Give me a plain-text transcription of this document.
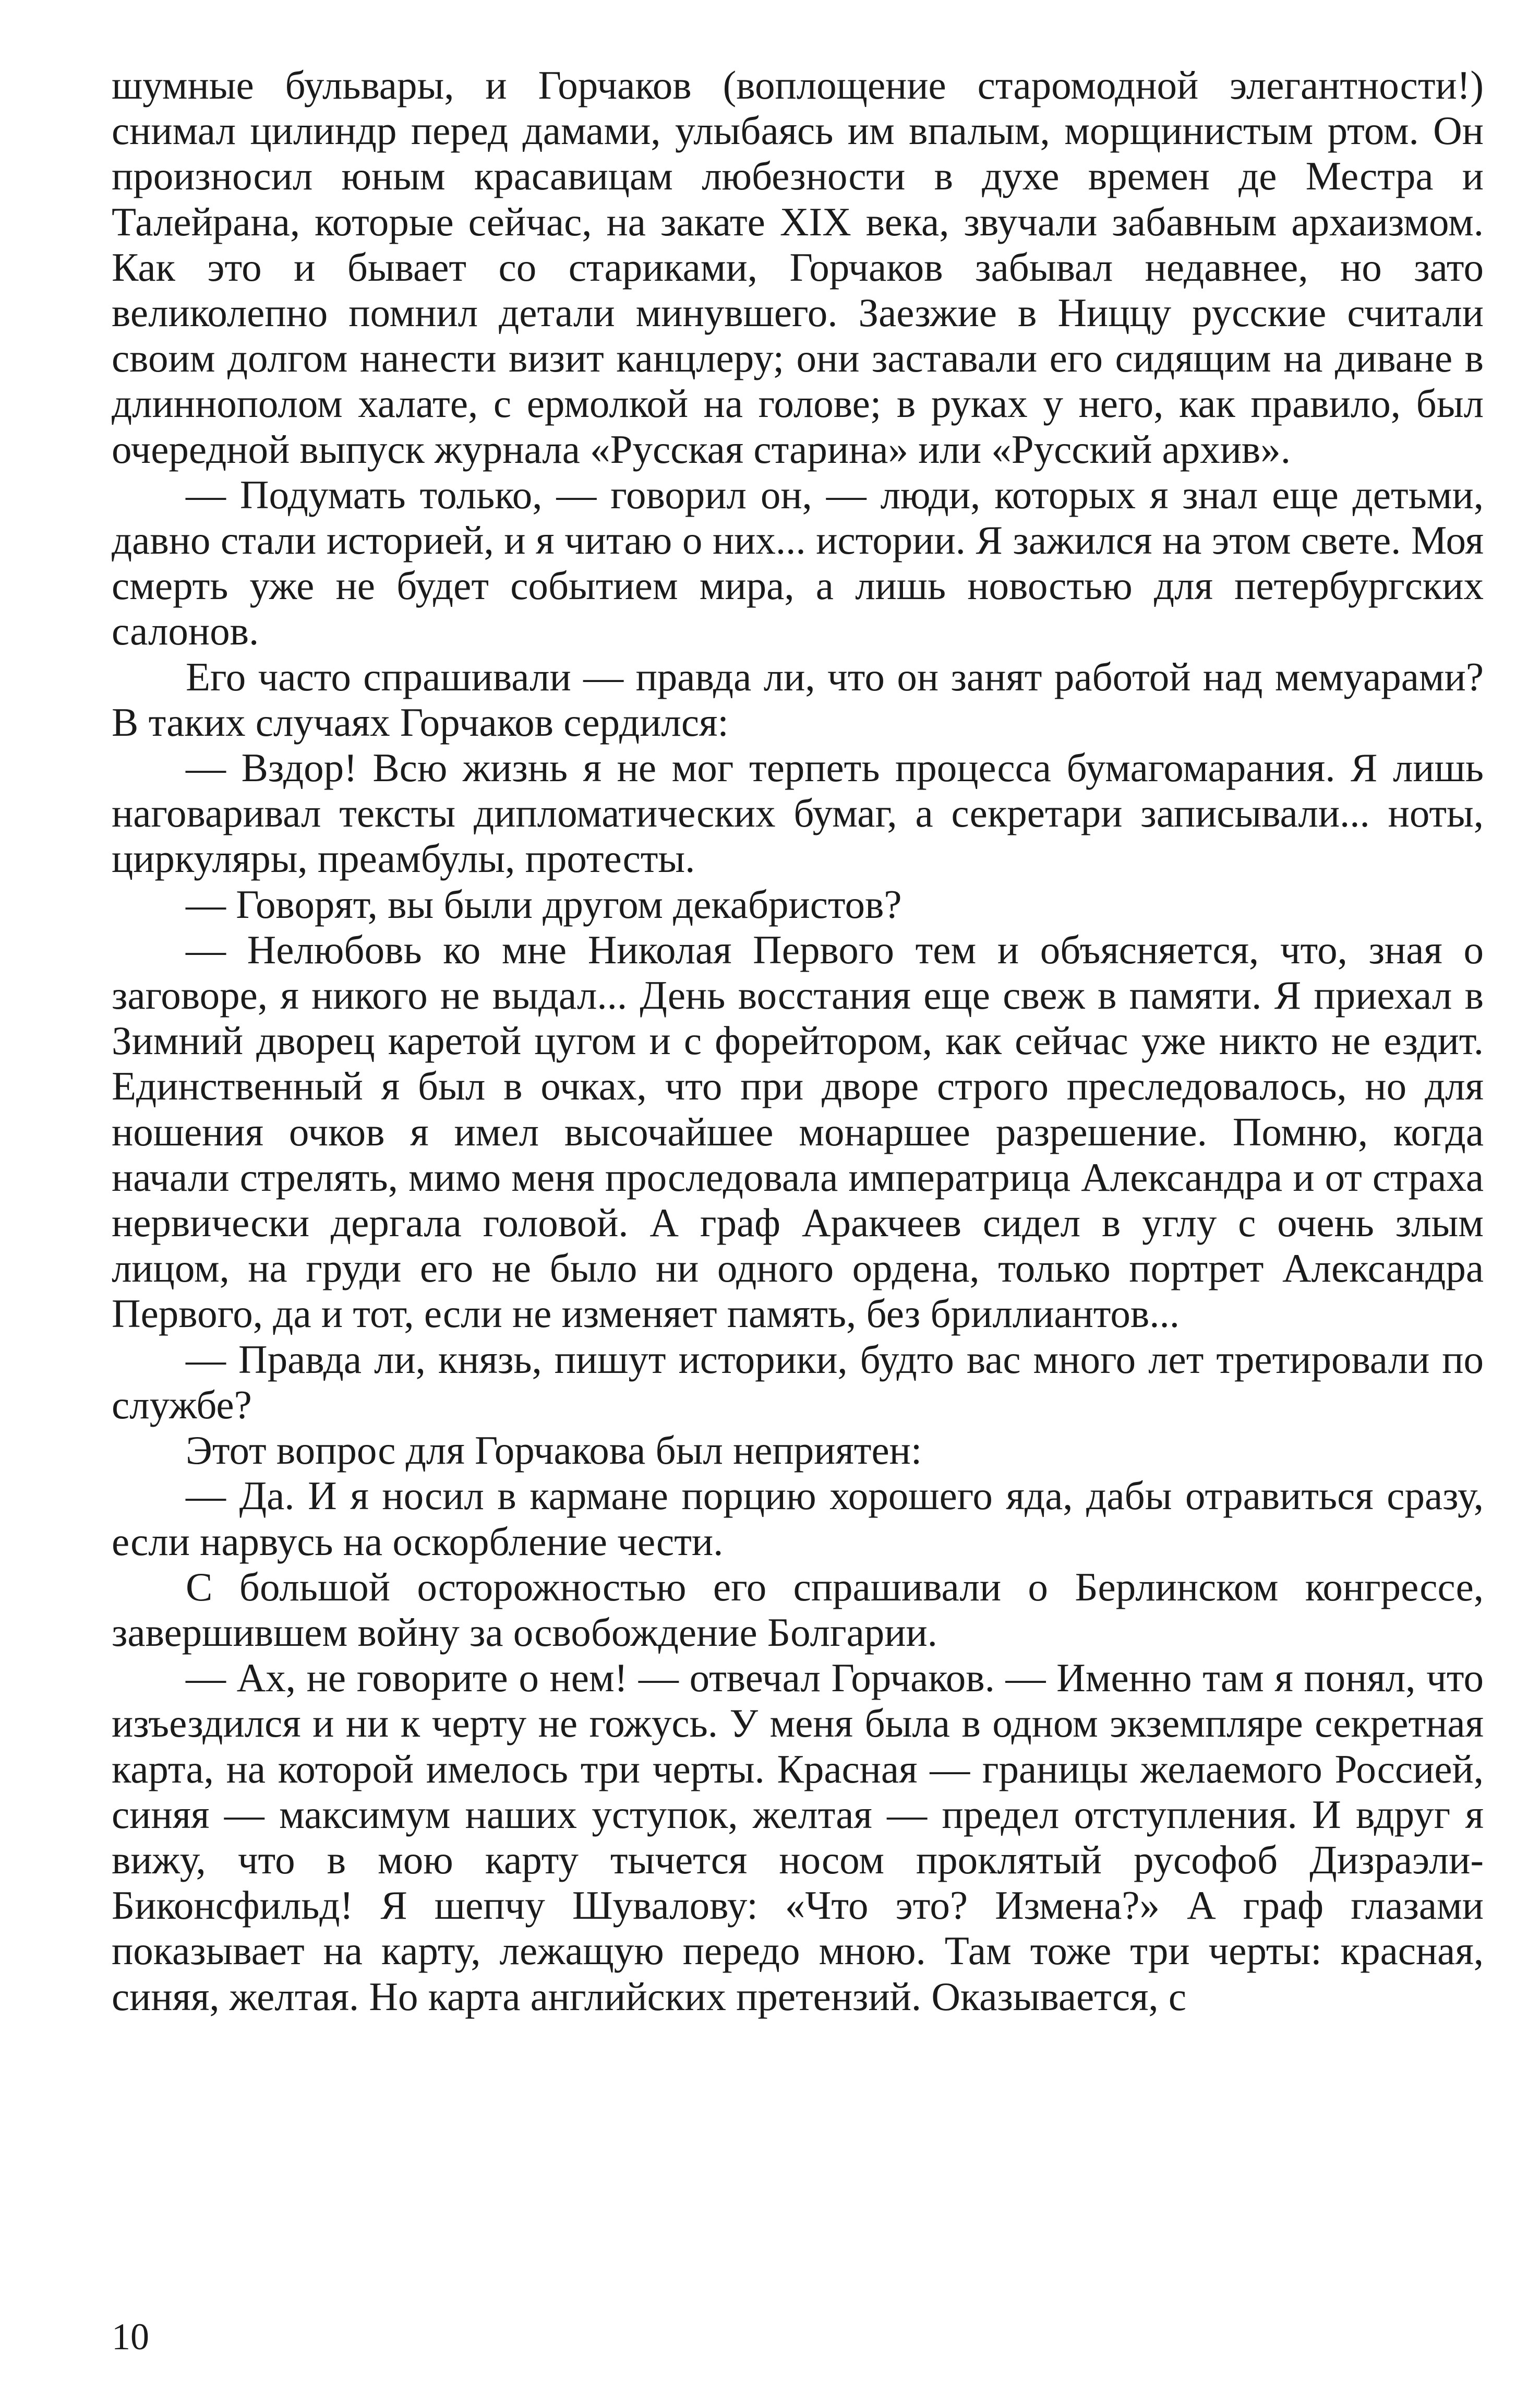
шумные бульвары, и Горчаков (воплощение старомодной элегантности!) снимал цилиндр перед дамами, улыбаясь им впалым, морщинистым ртом. Он произносил юным красавицам любезности в духе времен де Местра и Талейрана, которые сейчас, на закате XIX века, звучали забавным архаизмом. Как это и бывает со стариками, Горчаков забывал недавнее, но зато великолепно помнил детали минувшего. Заезжие в Ниццу русские считали своим долгом нанести визит канцлеру; они заставали его сидящим на диване в длиннополом халате, с ермолкой на голове; в руках у него, как правило, был очередной выпуск журнала «Русская старина» или «Русский архив».

— Подумать только, — говорил он, — люди, которых я знал еще детьми, давно стали историей, и я читаю о них... истории. Я зажился на этом свете. Моя смерть уже не будет событием мира, а лишь новостью для петербургских салонов.

Его часто спрашивали — правда ли, что он занят работой над мемуарами? В таких случаях Горчаков сердился:

— Вздор! Всю жизнь я не мог терпеть процесса бумагомарания. Я лишь наговаривал тексты дипломатических бумаг, а секретари записывали... ноты, циркуляры, преамбулы, протесты.

— Говорят, вы были другом декабристов?

— Нелюбовь ко мне Николая Первого тем и объясняется, что, зная о заговоре, я никого не выдал... День восстания еще свеж в памяти. Я приехал в Зимний дворец каретой цугом и с форейтором, как сейчас уже никто не ездит. Единственный я был в очках, что при дворе строго преследовалось, но для ношения очков я имел высочайшее монаршее разрешение. Помню, когда начали стрелять, мимо меня проследовала императрица Александра и от страха нервически дергала головой. А граф Аракчеев сидел в углу с очень злым лицом, на груди его не было ни одного ордена, только портрет Александра Первого, да и тот, если не изменяет память, без бриллиантов...

— Правда ли, князь, пишут историки, будто вас много лет третировали по службе?

Этот вопрос для Горчакова был неприятен:

— Да. И я носил в кармане порцию хорошего яда, дабы отравиться сразу, если нарвусь на оскорбление чести.

С большой осторожностью его спрашивали о Берлинском конгрессе, завершившем войну за освобождение Болгарии.

— Ах, не говорите о нем! — отвечал Горчаков. — Именно там я понял, что изъездился и ни к черту не гожусь. У меня была в одном экземпляре секретная карта, на которой имелось три черты. Красная — границы желаемого Россией, синяя — максимум наших уступок, желтая — предел отступления. И вдруг я вижу, что в мою карту тычется носом проклятый русофоб Дизраэли-Биконсфильд! Я шепчу Шувалову: «Что это? Измена?» А граф глазами показывает на карту, лежащую передо мною. Там тоже три черты: красная, синяя, желтая. Но карта английских претензий. Оказывается, с

10
